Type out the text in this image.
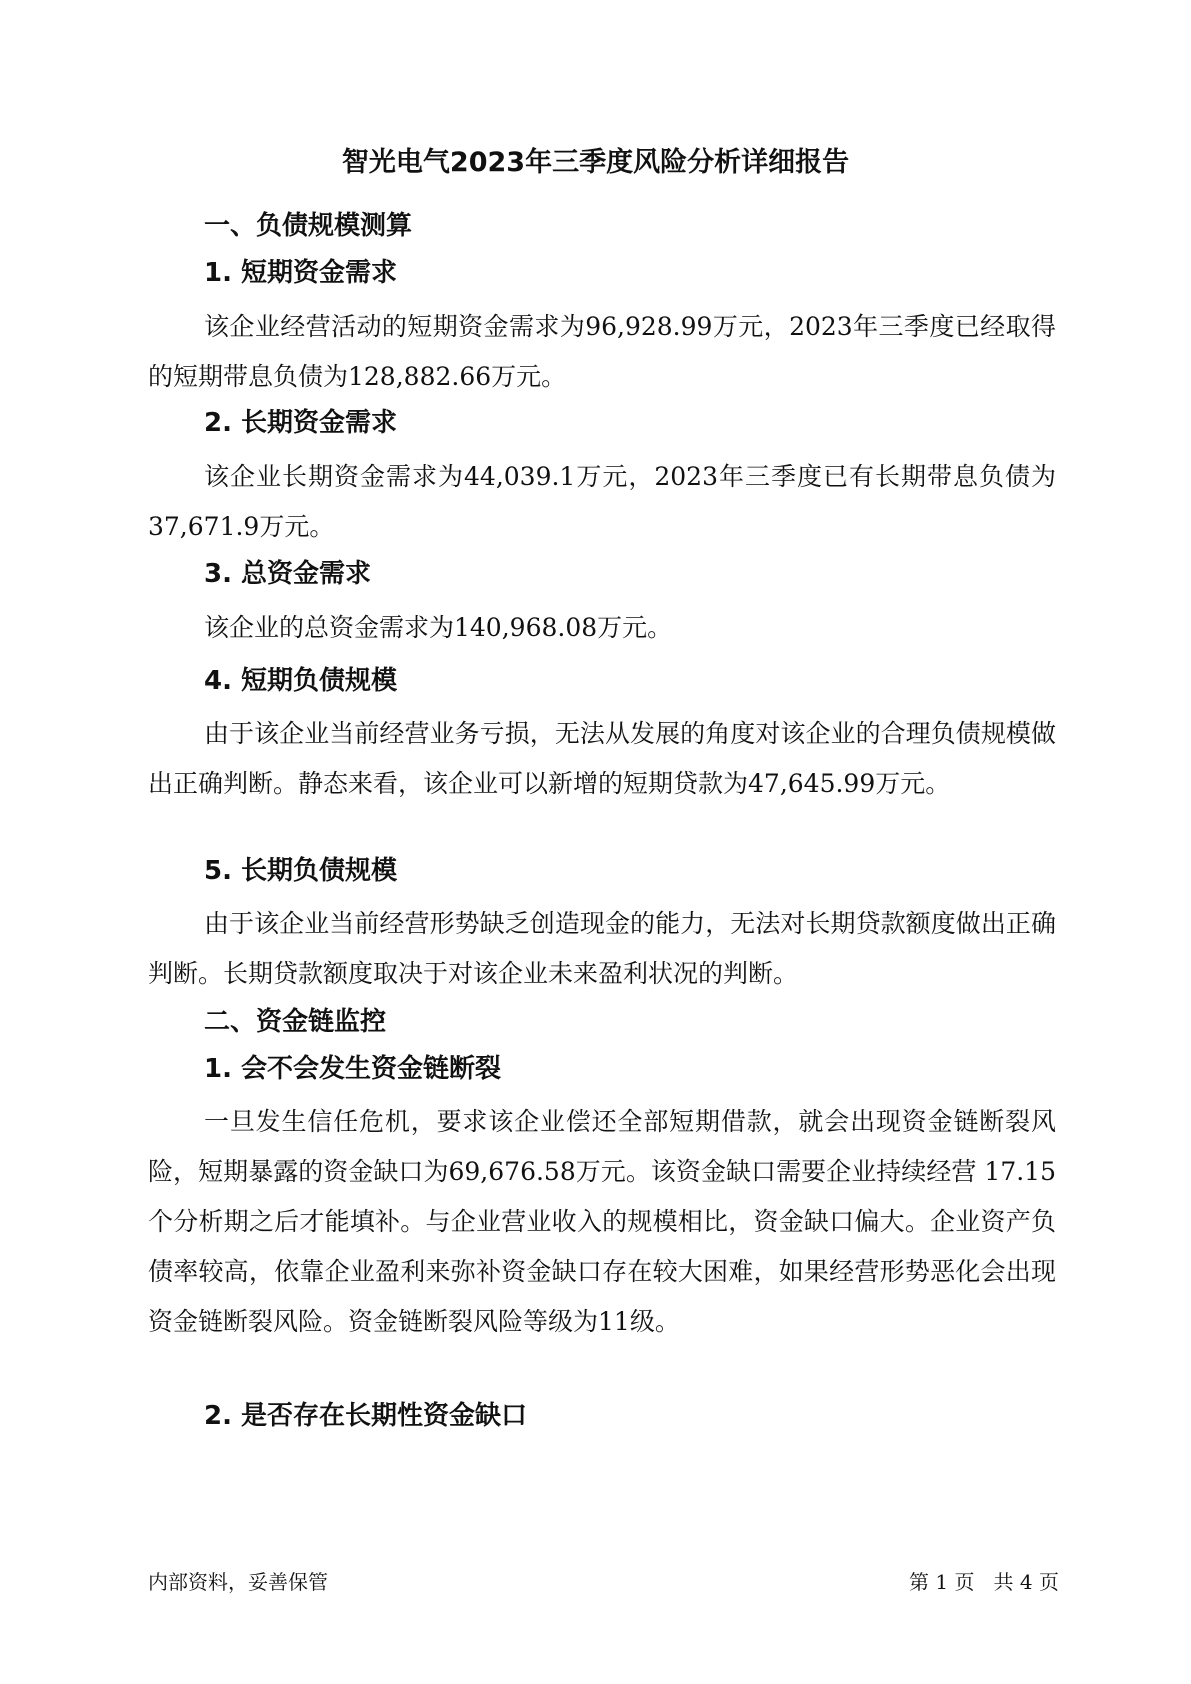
智光电气2023年三季度风险分析详细报告
一、负债规模测算
1. 短期资金需求

该企业经营活动的短期资金需求为96,928.99万元，2023年三季度已经取得的短期带息负债为128,882.66万元。

2. 长期资金需求

该企业长期资金需求为44,039.1万元，2023年三季度已有长期带息负债为37,671.9万元。

3. 总资金需求

该企业的总资金需求为140,968.08万元。

4. 短期负债规模

由于该企业当前经营业务亏损，无法从发展的角度对该企业的合理负债规模做出正确判断。静态来看，该企业可以新增的短期贷款为47,645.99万元。

5. 长期负债规模

由于该企业当前经营形势缺乏创造现金的能力，无法对长期贷款额度做出正确判断。长期贷款额度取决于对该企业未来盈利状况的判断。

二、资金链监控
1. 会不会发生资金链断裂

一旦发生信任危机，要求该企业偿还全部短期借款，就会出现资金链断裂风险，短期暴露的资金缺口为69,676.58万元。该资金缺口需要企业持续经营 17.15个分析期之后才能填补。与企业营业收入的规模相比，资金缺口偏大。企业资产负债率较高，依靠企业盈利来弥补资金缺口存在较大困难，如果经营形势恶化会出现资金链断裂风险。资金链断裂风险等级为11级。

2. 是否存在长期性资金缺口

内部资料，妥善保管	第 1 页   共 4 页
